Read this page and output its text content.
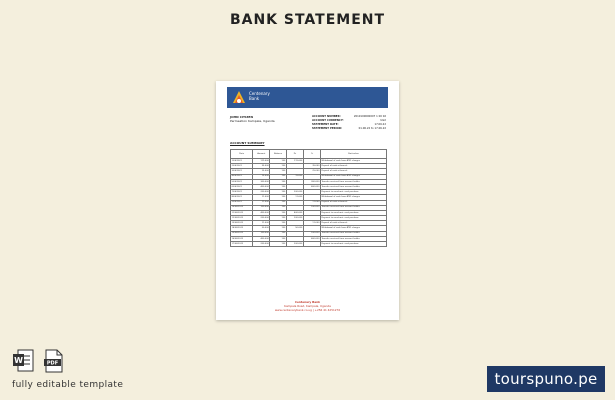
BANK STATEMENT
Centenary
Bank
JOHN CITIZEN
Permeation Kampala, Uganda
ACCOUNT NUMBER:	2010100000007 1 00 02
ACCOUNT CURRENCY:	UGX
STATEMENT DATE:	17.06.22
STATEMENT PERIOD:	01.06.22 to 17.06.22
ACCOUNT SUMMARY
Date	Amount	Balance	Dr	Cr	Particulars
1/06/2022	119,000	150	119,000		Withdrawal of cash from ATM, charges
2/06/2022	35,000	150		35,000	Deposit of cash at branch
3/06/2022	25,000	150		25,000	Deposit of cash at branch
4/06/2022	15,000	150	15,000		Withdrawal of cash from ATM, charges
5/06/2022	300,000	150		300,000	Transfer received from account holder
6/06/2022	400,000	150		400,000	Transfer received from account holder
7/06/2022	200,000	150	200,000		Payment to merchant, card purchase
8/06/2022	11,000	150	11,000		Withdrawal of cash from ATM, charges
9/06/2022	11,000	150		11,000	Deposit of cash at branch
10/06/2022	100,000	150		100,000	Transfer received from account holder
11/06/2022	400,000	150	400,000		Payment to merchant, card purchase
12/06/2022	200,000	150	200,000		Payment to merchant, card purchase
13/06/2022	11,000	150		11,000	Deposit of cash at branch
14/06/2022	50,000	150	50,000		Withdrawal of cash from ATM, charges
15/06/2022	100,000	150		100,000	Transfer received from account holder
16/06/2022	400,000	150		400,000	Transfer received from account holder
17/06/2022	200,000	150	200,000		Payment to merchant, card purchase
Centenary Bank
Kampala Road, Kampala, Uganda
www.centenarybank.co.ug | +256 41 4251276
W	PDF
fully editable template	tourspuno.pe
